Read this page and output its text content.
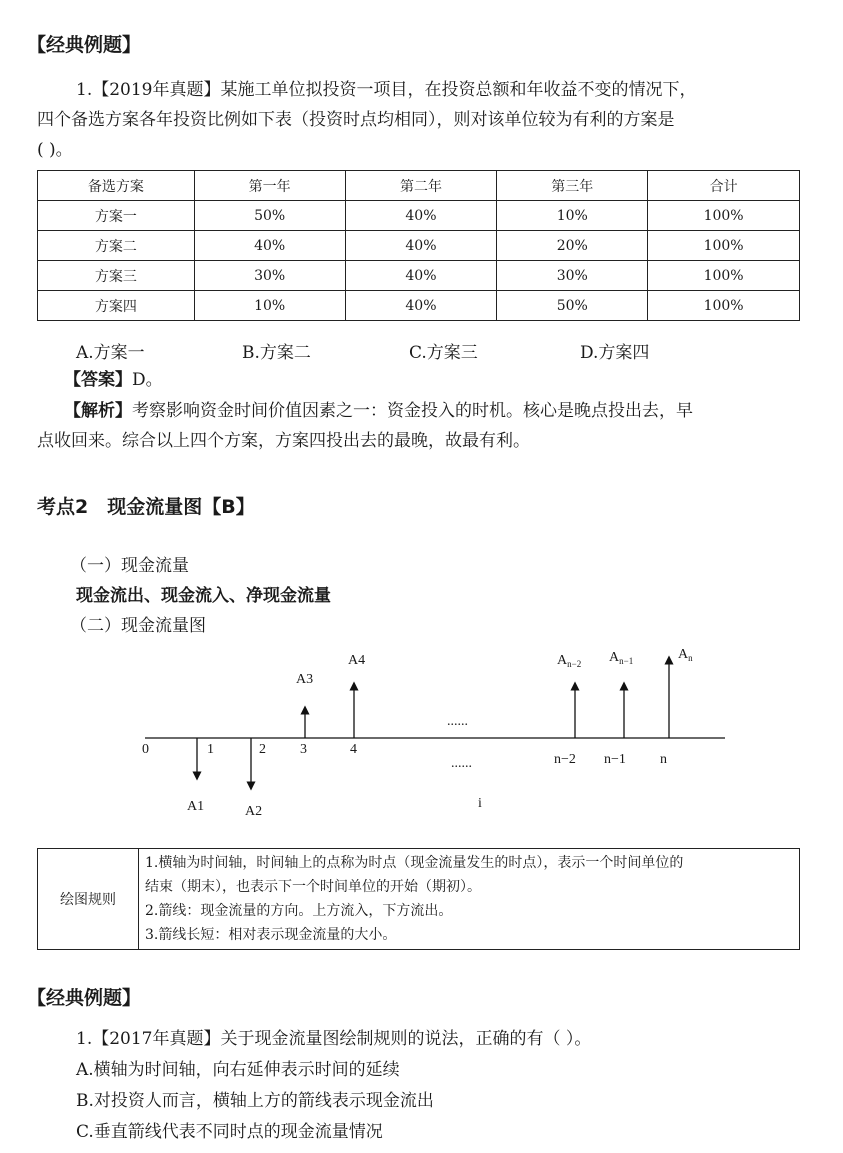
【经典例题】
1.【2019年真题】某施工单位拟投资一项目，在投资总额和年收益不变的情况下，
四个备选方案各年投资比例如下表（投资时点均相同），则对该单位较为有利的方案是
( )。
备选方案	第一年	第二年	第三年	合计
方案一	50%	40%	10%	100%
方案二	40%	40%	20%	100%
方案三	30%	40%	30%	100%
方案四	10%	40%	50%	100%
A.方案一	B.方案二	C.方案三	D.方案四
【答案】D。
【解析】考察影响资金时间价值因素之一：资金投入的时机。核心是晚点投出去，早
点收回来。综合以上四个方案，方案四投出去的最晚，故最有利。
考点2　现金流量图【B】
（一）现金流量
现金流出、现金流入、净现金流量
（二）现金流量图
0	1	2 3	4
n−2 n−1 n
......
......
i
A1	A2
A3
A4	$A_{n-2}$ $A_{n-1}$	$A_n$
绘图规则	
1.横轴为时间轴，时间轴上的点称为时点（现金流量发生的时点），表示一个时间单位的
结束（期末），也表示下一个时间单位的开始（期初）。
2.箭线：现金流量的方向。上方流入，下方流出。
3.箭线长短：相对表示现金流量的大小。
【经典例题】
1.【2017年真题】关于现金流量图绘制规则的说法，正确的有（ ）。
A.横轴为时间轴，向右延伸表示时间的延续
B.对投资人而言，横轴上方的箭线表示现金流出
C.垂直箭线代表不同时点的现金流量情况
